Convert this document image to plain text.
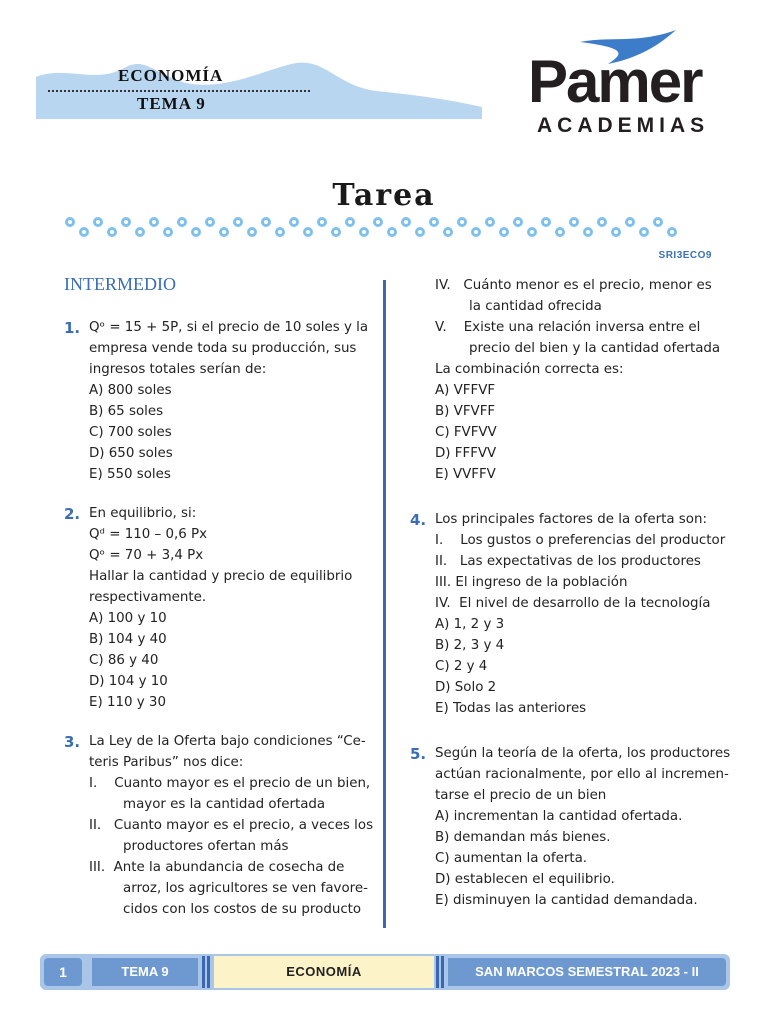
ECONOMÍA
TEMA 9	Pamer
ACADEMIAS
Tarea
SRI3ECO9
INTERMEDIO
1. Qᵒ = 15 + 5P, si el precio de 10 soles y la
empresa vende toda su producción, sus
ingresos totales serían de:
A) 800 soles
B) 65 soles
C) 700 soles
D) 650 soles
E) 550 soles
2. En equilibrio, si:
Qᵈ = 110 – 0,6 Px
Qᵒ = 70 + 3,4 Px
Hallar la cantidad y precio de equilibrio
respectivamente.
A) 100 y 10
B) 104 y 40
C) 86 y 40
D) 104 y 10
E) 110 y 30
3. La Ley de la Oferta bajo condiciones “Ce-
teris Paribus” nos dice:
I.    Cuanto mayor es el precio de un bien,
mayor es la cantidad ofertada
II.   Cuanto mayor es el precio, a veces los
productores ofertan más
III.  Ante la abundancia de cosecha de
arroz, los agricultores se ven favore-
cidos con los costos de su producto
IV.   Cuánto menor es el precio, menor es
la cantidad ofrecida
V.    Existe una relación inversa entre el
precio del bien y la cantidad ofertada
La combinación correcta es:
A) VFFVF
B) VFVFF
C) FVFVV
D) FFFVV
E) VVFFV
4. Los principales factores de la oferta son:
I.    Los gustos o preferencias del productor
II.   Las expectativas de los productores
III. El ingreso de la población
IV.  El nivel de desarrollo de la tecnología
A) 1, 2 y 3
B) 2, 3 y 4
C) 2 y 4
D) Solo 2
E) Todas las anteriores
5. Según la teoría de la oferta, los productores
actúan racionalmente, por ello al incremen-
tarse el precio de un bien
A) incrementan la cantidad ofertada.
B) demandan más bienes.
C) aumentan la oferta.
D) establecen el equilibrio.
E) disminuyen la cantidad demandada.
1	TEMA 9	ECONOMÍA	SAN MARCOS SEMESTRAL 2023 - II
